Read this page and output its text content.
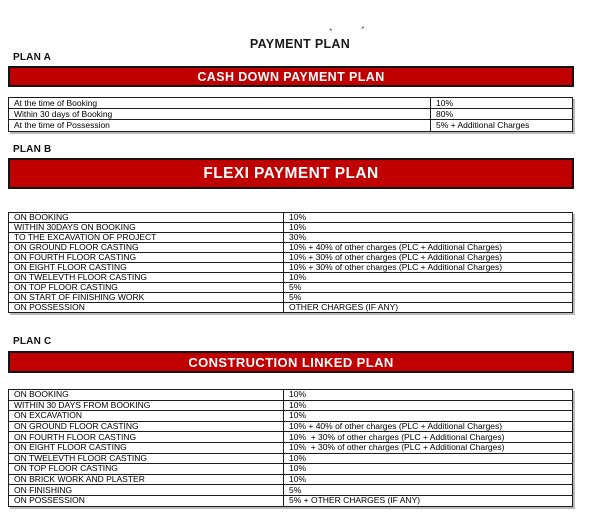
PAYMENT PLAN
`	´
PLAN A
CASH DOWN PAYMENT PLAN
At the time of Booking	10%
Within 30 days of Booking	80%
At the time of Possession	5% + Additional Charges
PLAN B
FLEXI PAYMENT PLAN
ON BOOKING	10%
WITHIN 30DAYS ON BOOKING	10%
TO THE EXCAVATION OF PROJECT	30%
ON GROUND FLOOR CASTING	10% + 40% of other charges (PLC + Additional Charges)
ON FOURTH FLOOR CASTING	10% + 30% of other charges (PLC + Additional Charges)
ON EIGHT FLOOR CASTING	10% + 30% of other charges (PLC + Additional Charges)
ON TWELEVTH FLOOR CASTING	10%
ON TOP FLOOR CASTING	5%
ON START OF FINISHING WORK	5%
ON POSSESSION	OTHER CHARGES (IF ANY)
PLAN C
CONSTRUCTION LINKED PLAN
ON BOOKING	10%
WITHIN 30 DAYS FROM BOOKING	10%
ON EXCAVATION	10%
ON GROUND FLOOR CASTING	10% + 40% of other charges (PLC + Additional Charges)
ON FOURTH FLOOR CASTING	10%  + 30% of other charges (PLC + Additional Charges)
ON EIGHT FLOOR CASTING	10%  + 30% of other charges (PLC + Additional Charges)
ON TWELEVTH FLOOR CASTING	10%
ON TOP FLOOR CASTING	10%
ON BRICK WORK AND PLASTER	10%
ON FINISHING	5%
ON POSSESSION	5% + OTHER CHARGES (IF ANY)
